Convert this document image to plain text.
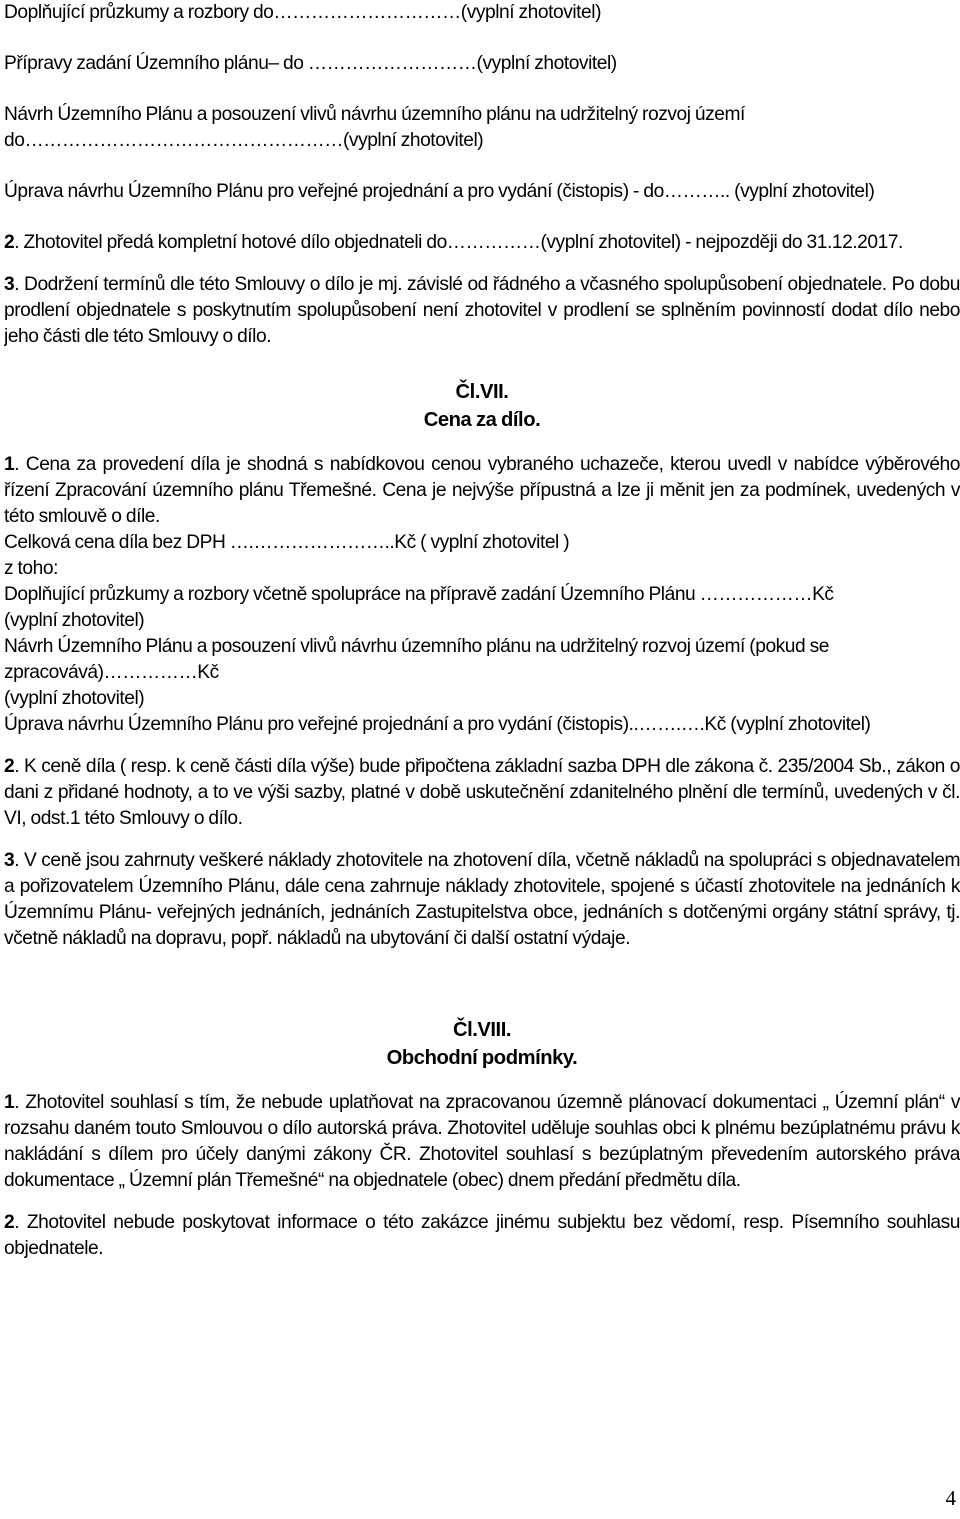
Doplňující průzkumy a rozbory do…………………………(vyplní zhotovitel)

Přípravy zadání Územního plánu– do ………………………(vyplní zhotovitel)

Návrh Územního Plánu a posouzení vlivů návrhu územního plánu na udržitelný rozvoj území

do……………………………………………(vyplní zhotovitel)

Úprava návrhu Územního Plánu pro veřejné projednání a pro vydání (čistopis) - do……….. (vyplní zhotovitel)

2. Zhotovitel předá kompletní hotové dílo objednateli do……………(vyplní zhotovitel) - nejpozději do 31.12.2017.

3. Dodržení termínů dle této Smlouvy o dílo je mj. závislé od řádného a včasného spolupůsobení objednatele. Po dobu prodlení objednatele s poskytnutím spolupůsobení není zhotovitel v prodlení se splněním povinností dodat dílo nebo jeho části dle této Smlouvy o dílo.

Čl.VII.

Cena za dílo.

1. Cena za provedení díla je shodná s nabídkovou cenou vybraného uchazeče, kterou uvedl v nabídce výběrového řízení Zpracování územního plánu Třemešné. Cena je nejvýše přípustná a lze ji měnit jen za podmínek, uvedených v této smlouvě o díle.

Celková cena díla bez DPH ….…………………..Kč ( vyplní zhotovitel )

z toho:

Doplňující průzkumy a rozbory včetně spolupráce na přípravě zadání Územního Plánu ………………Kč

(vyplní zhotovitel)

Návrh Územního Plánu a posouzení vlivů návrhu územního plánu na udržitelný rozvoj území (pokud se zpracovává)……………Kč

(vyplní zhotovitel)

Úprava návrhu Územního Plánu pro veřejné projednání a pro vydání (čistopis)..…….….Kč (vyplní zhotovitel)

2. K ceně díla ( resp. k ceně části díla výše) bude připočtena základní sazba DPH dle zákona č. 235/2004 Sb., zákon o dani z přidané hodnoty, a to ve výši sazby, platné v době uskutečnění zdanitelného plnění dle termínů, uvedených v čl. VI, odst.1 této Smlouvy o dílo.

3. V ceně jsou zahrnuty veškeré náklady zhotovitele na zhotovení díla, včetně nákladů na spolupráci s objednavatelem a pořizovatelem Územního Plánu, dále cena zahrnuje náklady zhotovitele, spojené s účastí zhotovitele na jednáních k Územnímu Plánu- veřejných jednáních, jednáních Zastupitelstva obce, jednáních s dotčenými orgány státní správy, tj. včetně nákladů na dopravu, popř. nákladů na ubytování či další ostatní výdaje.

Čl.VIII.

Obchodní podmínky.

1. Zhotovitel souhlasí s tím, že nebude uplatňovat na zpracovanou územně plánovací dokumentaci „ Územní plán“ v rozsahu daném touto Smlouvou o dílo autorská práva. Zhotovitel uděluje souhlas obci k plnému bezúplatnému právu k nakládání s dílem pro účely danými zákony ČR. Zhotovitel souhlasí s bezúplatným převedením autorského práva dokumentace „ Územní plán Třemešné“ na objednatele (obec) dnem předání předmětu díla.

2. Zhotovitel nebude poskytovat informace o této zakázce jinému subjektu bez vědomí, resp. Písemního souhlasu objednatele.

4
